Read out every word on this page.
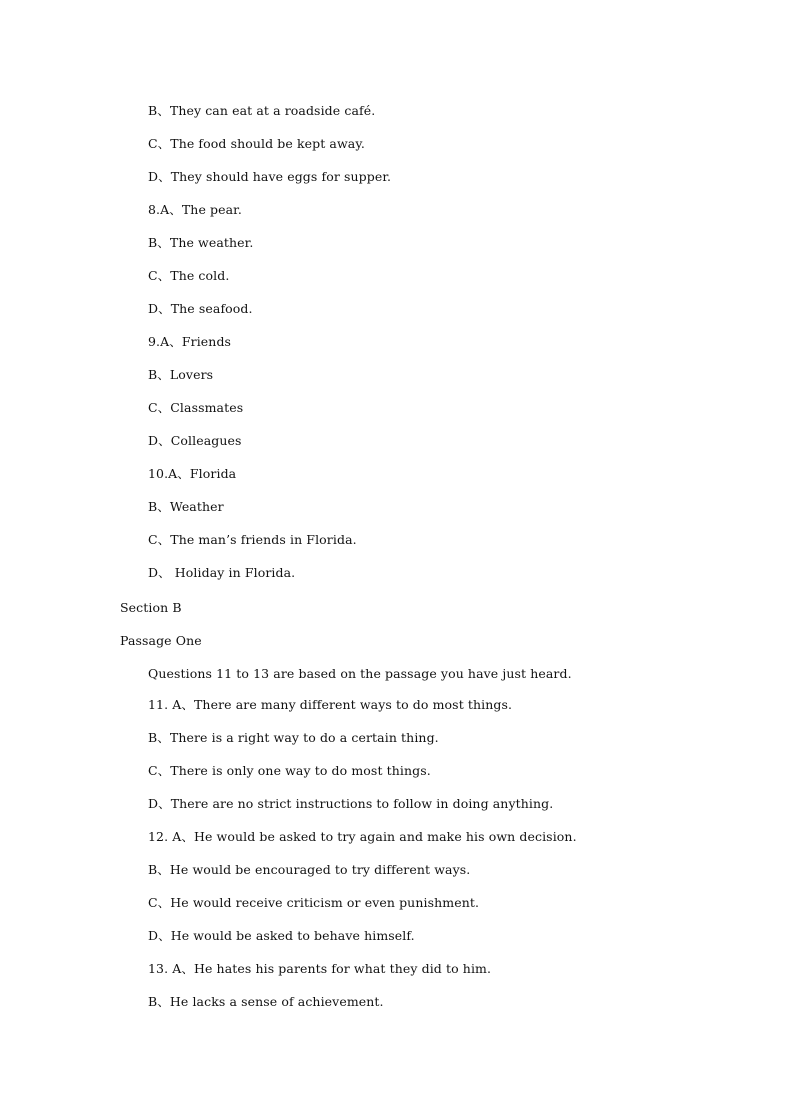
B、They can eat at a roadside café.
C、The food should be kept away.
D、They should have eggs for supper.
8.A、The pear.
B、The weather.
C、The cold.
D、The seafood.
9.A、Friends
B、Lovers
C、Classmates
D、Colleagues
10.A、Florida
B、Weather
C、The man’s friends in Florida.
D、 Holiday in Florida.
Section B
Passage One
Questions 11 to 13 are based on the passage you have just heard.
11. A、There are many different ways to do most things.
B、There is a right way to do a certain thing.
C、There is only one way to do most things.
D、There are no strict instructions to follow in doing anything.
12. A、He would be asked to try again and make his own decision.
B、He would be encouraged to try different ways.
C、He would receive criticism or even punishment.
D、He would be asked to behave himself.
13. A、He hates his parents for what they did to him.
B、He lacks a sense of achievement.
